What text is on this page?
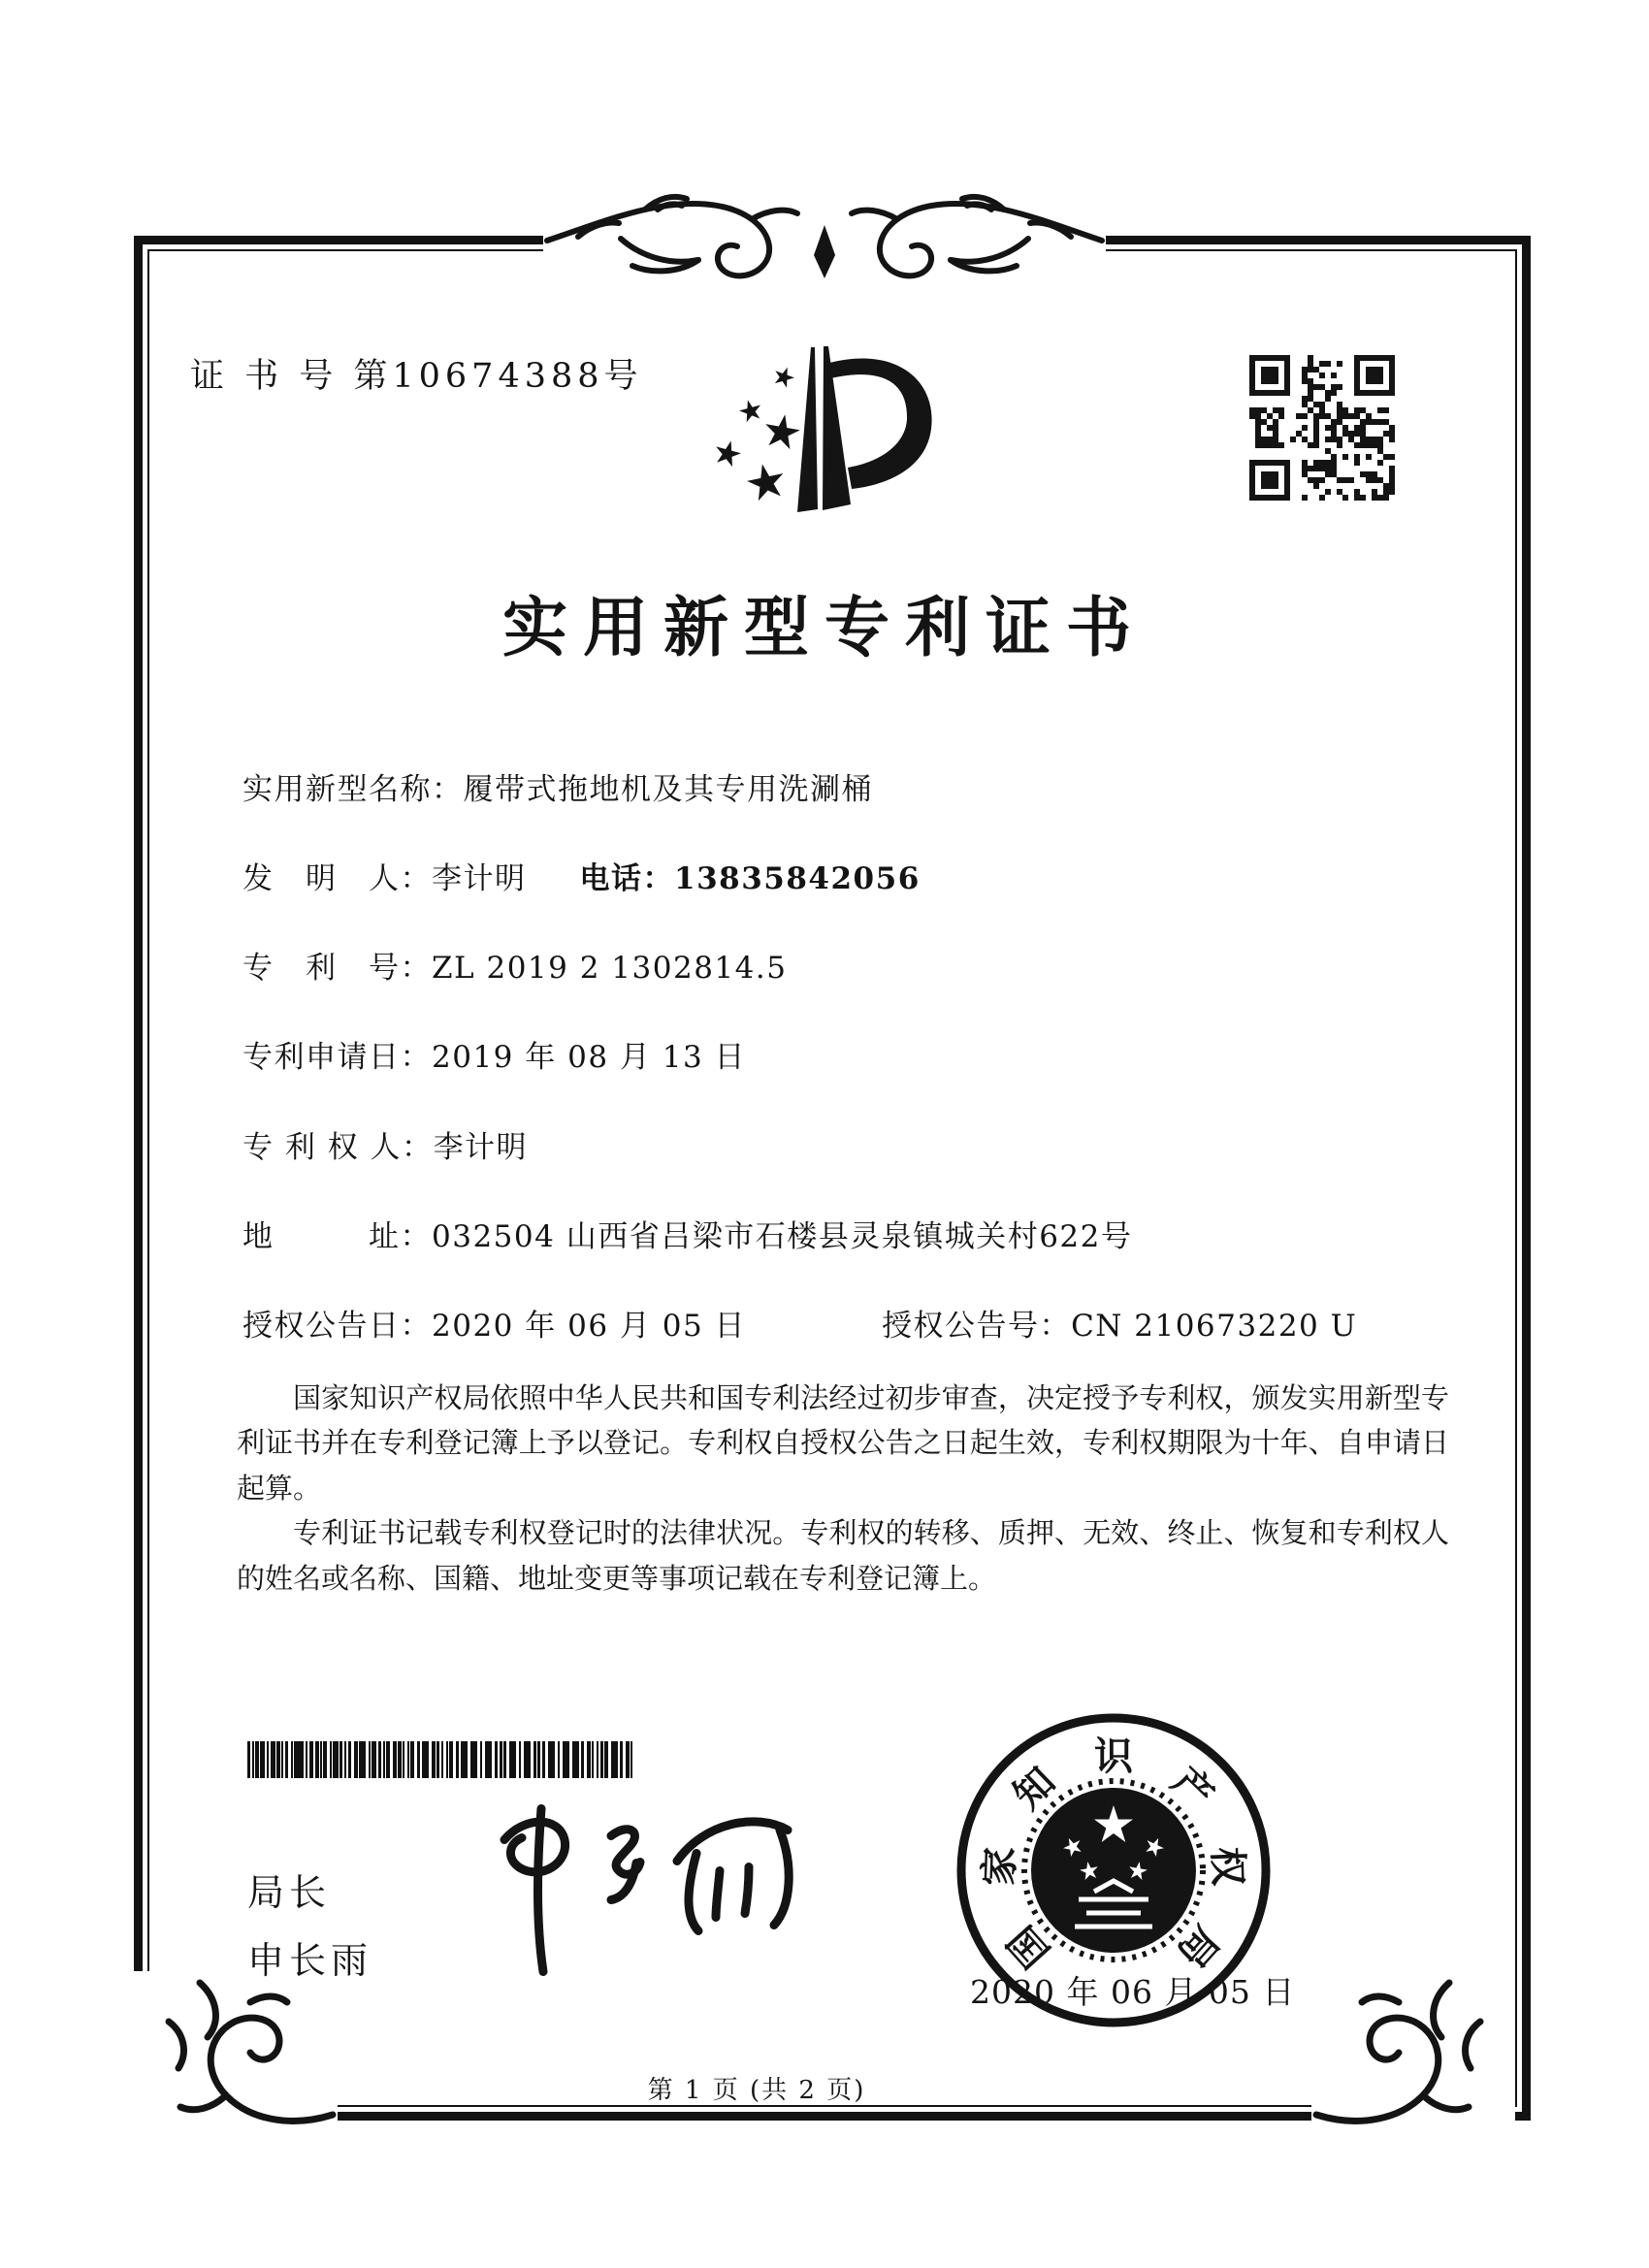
证 书 号 第10674388号
实用新型专利证书
实用新型名称：履带式拖地机及其专用洗涮桶
发　明　人：李计明 电话：13835842056
专　利　号：ZL 2019 2 1302814.5
专利申请日：2019 年 08 月 13 日
专 利 权 人：李计明
地　　　址：032504 山西省吕梁市石楼县灵泉镇城关村622号
授权公告日：2020 年 06 月 05 日	授权公告号：CN 210673220 U

国家知识产权局依照中华人民共和国专利法经过初步审查，决定授予专利权，颁发实用新型专利证书并在专利登记簿上予以登记。专利权自授权公告之日起生效，专利权期限为十年、自申请日起算。

专利证书记载专利权登记时的法律状况。专利权的转移、质押、无效、终止、恢复和专利权人的姓名或名称、国籍、地址变更等事项记载在专利登记簿上。

局长
申长雨	国
家
知
识
产
权
局
2020 年 06 月 05 日
第 1 页 (共 2 页)
